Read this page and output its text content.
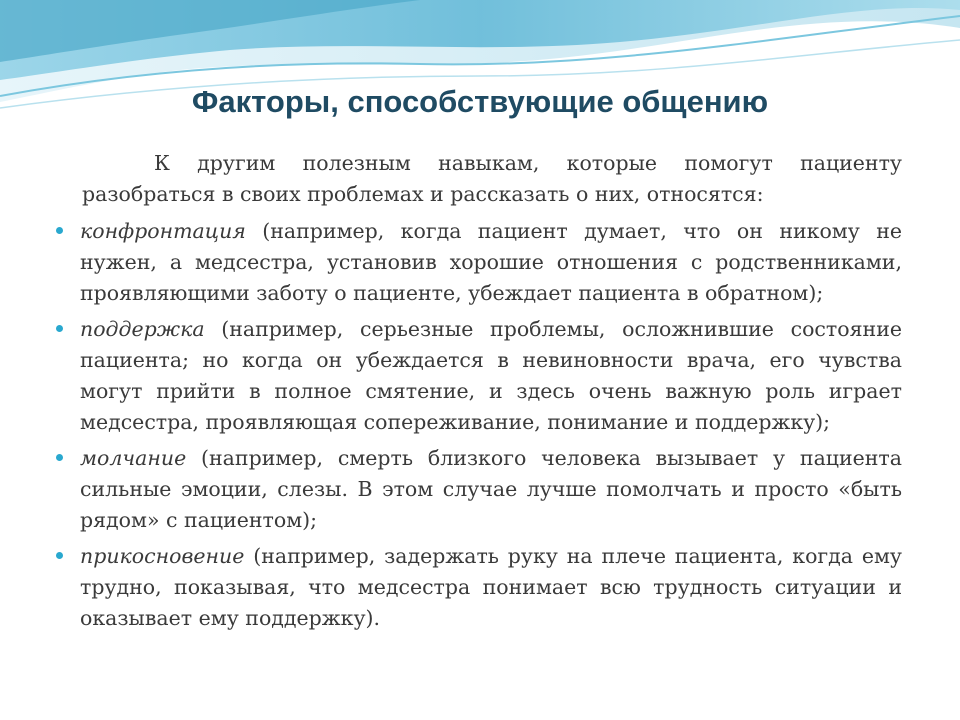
Факторы, способствующие общению

К другим полезным навыкам, которые помогут пациенту разобраться в своих проблемах и рассказать о них, относятся:

конфронтация (например, когда пациент думает, что он никому не нужен, а медсестра, установив хорошие отношения с родственниками, проявляющими заботу о пациенте, убеждает пациента в обратном);
поддержка (например, серьезные проблемы, осложнившие состояние пациента; но когда он убеждается в невиновности врача, его чувства могут прийти в полное смятение, и здесь очень важную роль играет медсестра, проявляющая сопереживание, понимание и поддержку);
молчание (например, смерть близкого человека вызывает у пациента сильные эмоции, слезы. В этом случае лучше помолчать и просто «быть рядом» с пациентом);
прикосновение (например, задержать руку на плече пациента, когда ему трудно, показывая, что медсестра понимает всю трудность ситуации и оказывает ему поддержку).
